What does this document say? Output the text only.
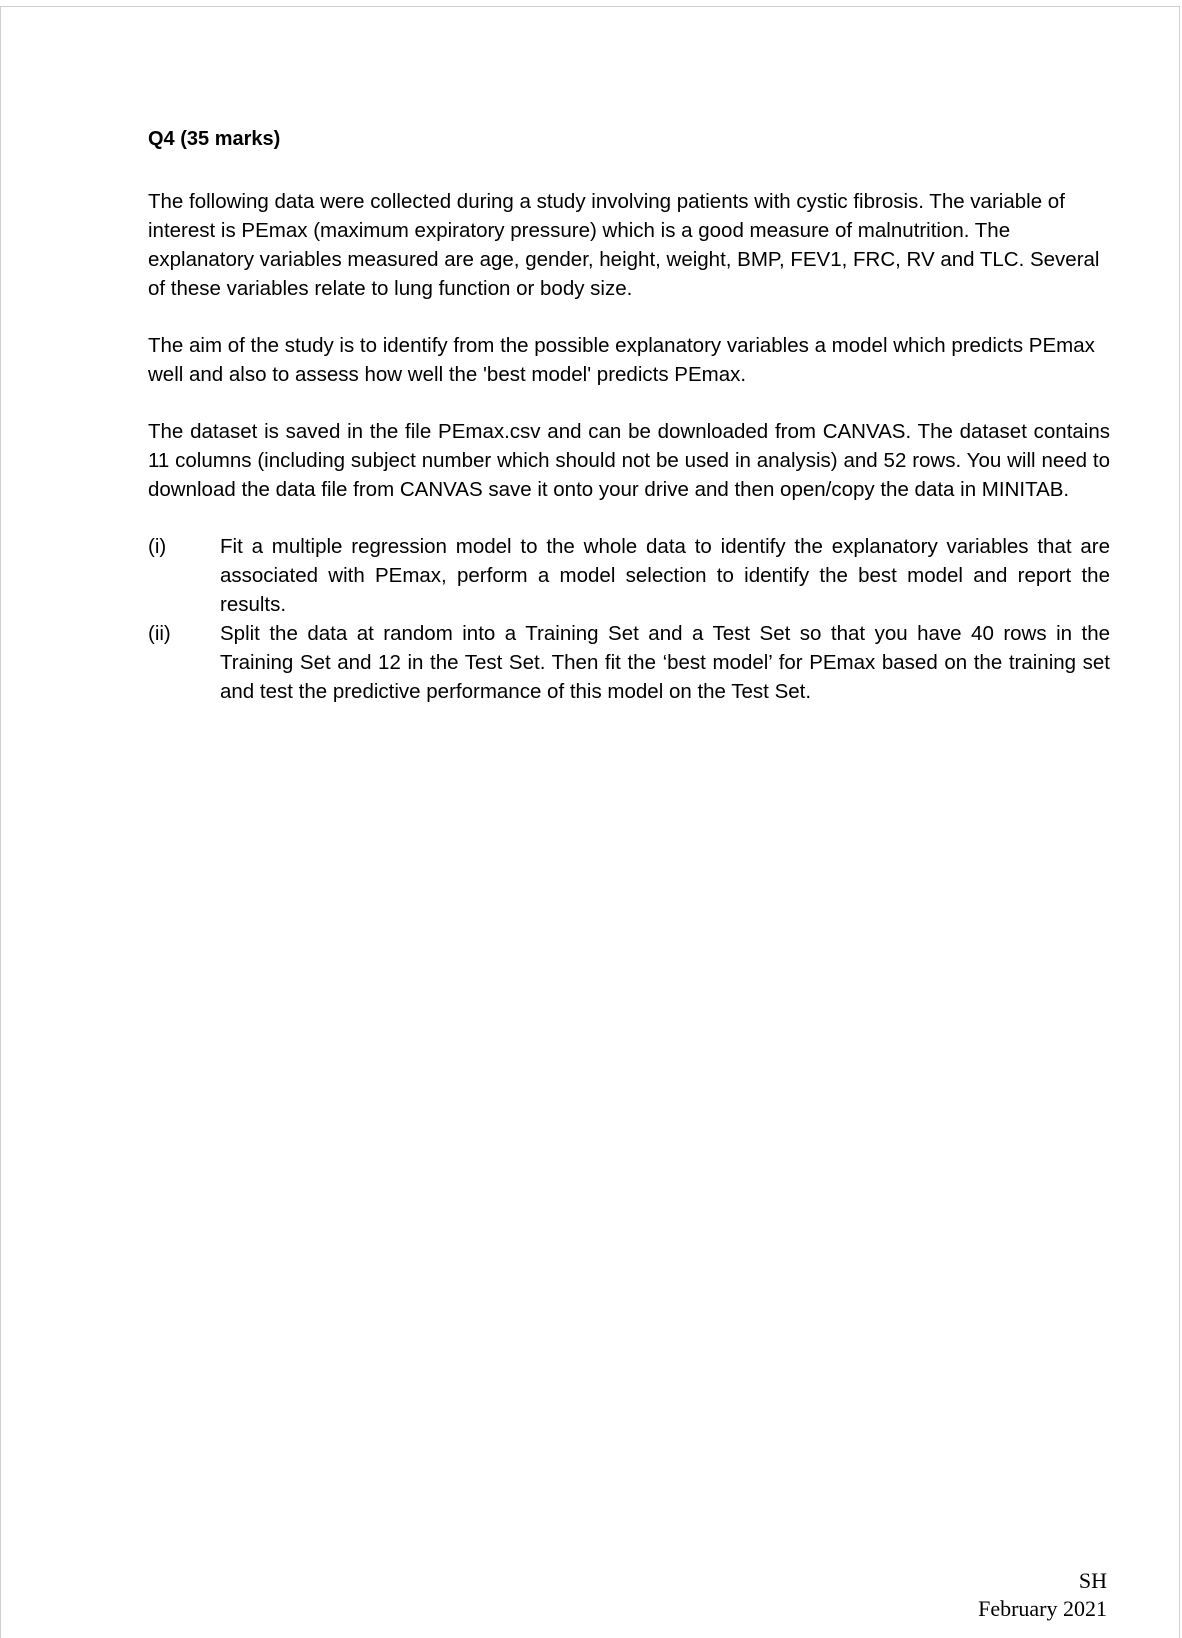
Q4 (35 marks)

The following data were collected during a study involving patients with cystic fibrosis. The variable of interest is PEmax (maximum expiratory pressure) which is a good measure of malnutrition. The explanatory variables measured are age, gender, height, weight, BMP, FEV1, FRC, RV and TLC. Several of these variables relate to lung function or body size.

The aim of the study is to identify from the possible explanatory variables a model which predicts PEmax well and also to assess how well the 'best model' predicts PEmax.

The dataset is saved in the file PEmax.csv and can be downloaded from CANVAS. The dataset contains 11 columns (including subject number which should not be used in analysis) and 52 rows. You will need to download the data file from CANVAS save it onto your drive and then open/copy the data in MINITAB.

(i)	Fit a multiple regression model to the whole data to identify the explanatory variables that are associated with PEmax, perform a model selection to identify the best model and report the results.
(ii)	Split the data at random into a Training Set and a Test Set so that you have 40 rows in the Training Set and 12 in the Test Set. Then fit the ‘best model’ for PEmax based on the training set and test the predictive performance of this model on the Test Set.
SH
February 2021
